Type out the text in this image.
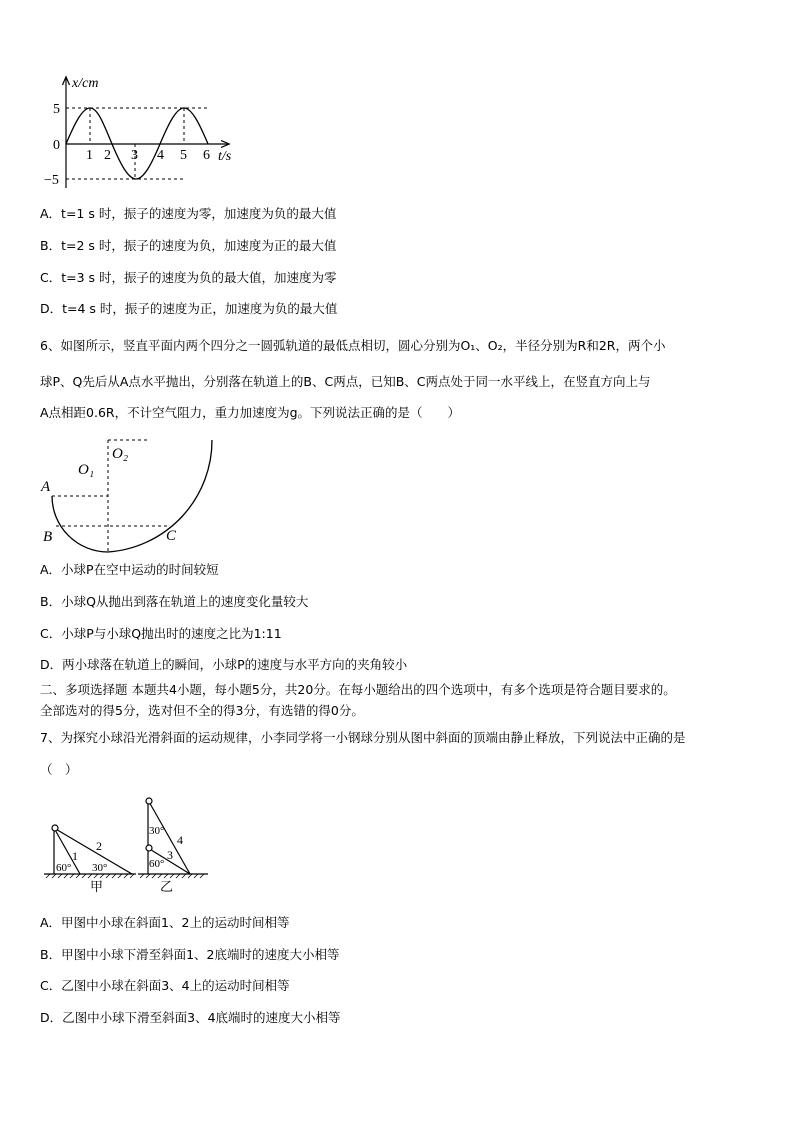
x/cm
5
0
−5
1 2 3 4 5 6 t/s
A．t=1 s 时，振子的速度为零，加速度为负的最大值
B．t=2 s 时，振子的速度为负，加速度为正的最大值
C．t=3 s 时，振子的速度为负的最大值，加速度为零
D．t=4 s 时，振子的速度为正，加速度为负的最大值
6、如图所示，竖直平面内两个四分之一圆弧轨道的最低点相切，圆心分别为O₁、O₂，半径分别为R和2R，两个小
球P、Q先后从A点水平抛出，分别落在轨道上的B、C两点，已知B、C两点处于同一水平线上，在竖直方向上与
A点相距0.6R，不计空气阻力，重力加速度为g。下列说法正确的是（　　）
A
B	C
O₁
O₂
A．小球P在空中运动的时间较短
B．小球Q从抛出到落在轨道上的速度变化量较大
C．小球P与小球Q抛出时的速度之比为1:11
D．两小球落在轨道上的瞬间，小球P的速度与水平方向的夹角较小
二、多项选择题 本题共4小题，每小题5分，共20分。在每小题给出的四个选项中，有多个选项是符合题目要求的。
全部选对的得5分，选对但不全的得3分，有选错的得0分。
7、为探究小球沿光滑斜面的运动规律，小李同学将一小钢球分别从图中斜面的顶端由静止释放，下列说法中正确的是
（　）
1
2
60° 30°
甲
30°
60°
4
3
乙
A．甲图中小球在斜面1、2上的运动时间相等
B．甲图中小球下滑至斜面1、2底端时的速度大小相等
C．乙图中小球在斜面3、4上的运动时间相等
D．乙图中小球下滑至斜面3、4底端时的速度大小相等
